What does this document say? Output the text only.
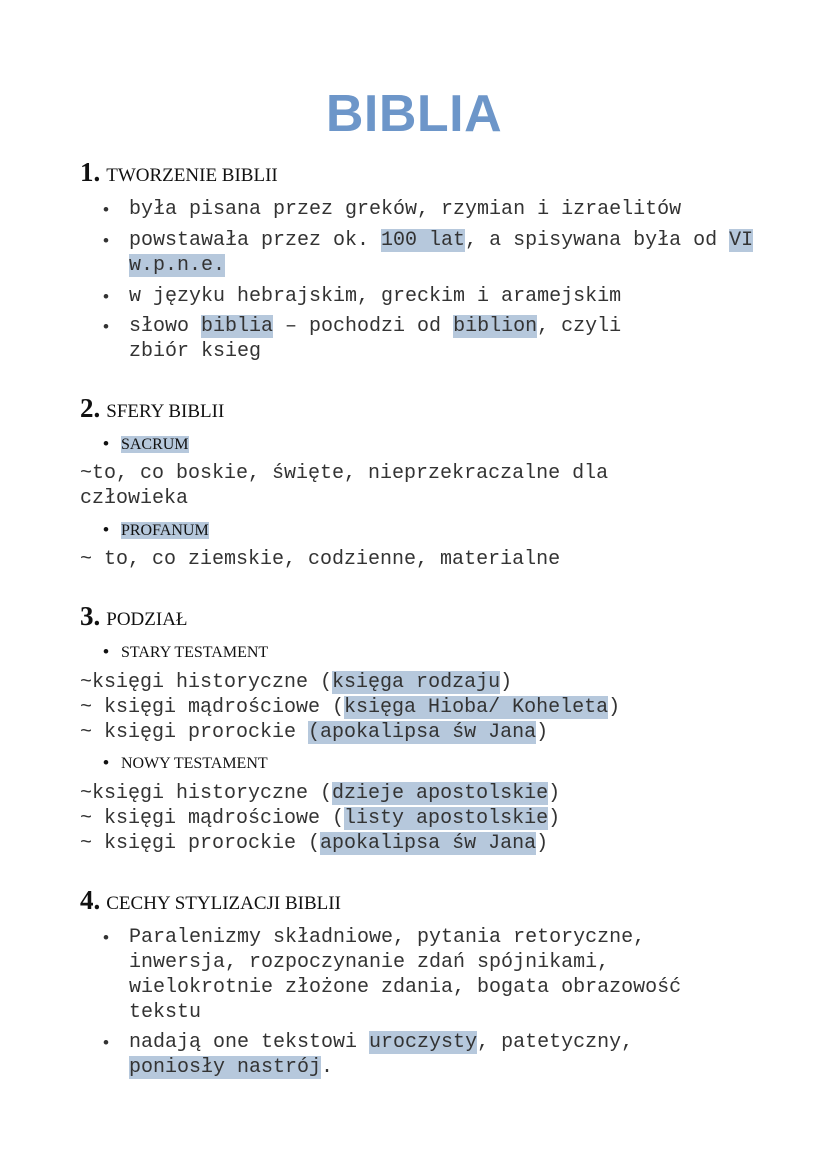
BIBLIA
1. TWORZENIE BIBLII
• była pisana przez greków, rzymian i izraelitów
• powstawała przez ok. 100 lat, a spisywana była od VI w.p.n.e.
• w języku hebrajskim, greckim i aramejskim
• słowo biblia – pochodzi od biblion, czyli zbiór ksieg
2. SFERY BIBLII
• SACRUM
~to, co boskie, święte, nieprzekraczalne dla człowieka
• PROFANUM
~ to, co ziemskie, codzienne, materialne
3. PODZIAŁ
• STARY TESTAMENT
~księgi historyczne (księga rodzaju)
~ księgi mądrościowe (księga Hioba/ Koheleta)
~ księgi prorockie (apokalipsa św Jana)
• NOWY TESTAMENT
~księgi historyczne (dzieje apostolskie)
~ księgi mądrościowe (listy apostolskie)
~ księgi prorockie (apokalipsa św Jana)
4. CECHY STYLIZACJI BIBLII
• Paralenizmy składniowe, pytania retoryczne, inwersja, rozpoczynanie zdań spójnikami, wielokrotnie złożone zdania, bogata obrazowość tekstu
• nadają one tekstowi uroczysty, patetyczny, poniosły nastrój.
